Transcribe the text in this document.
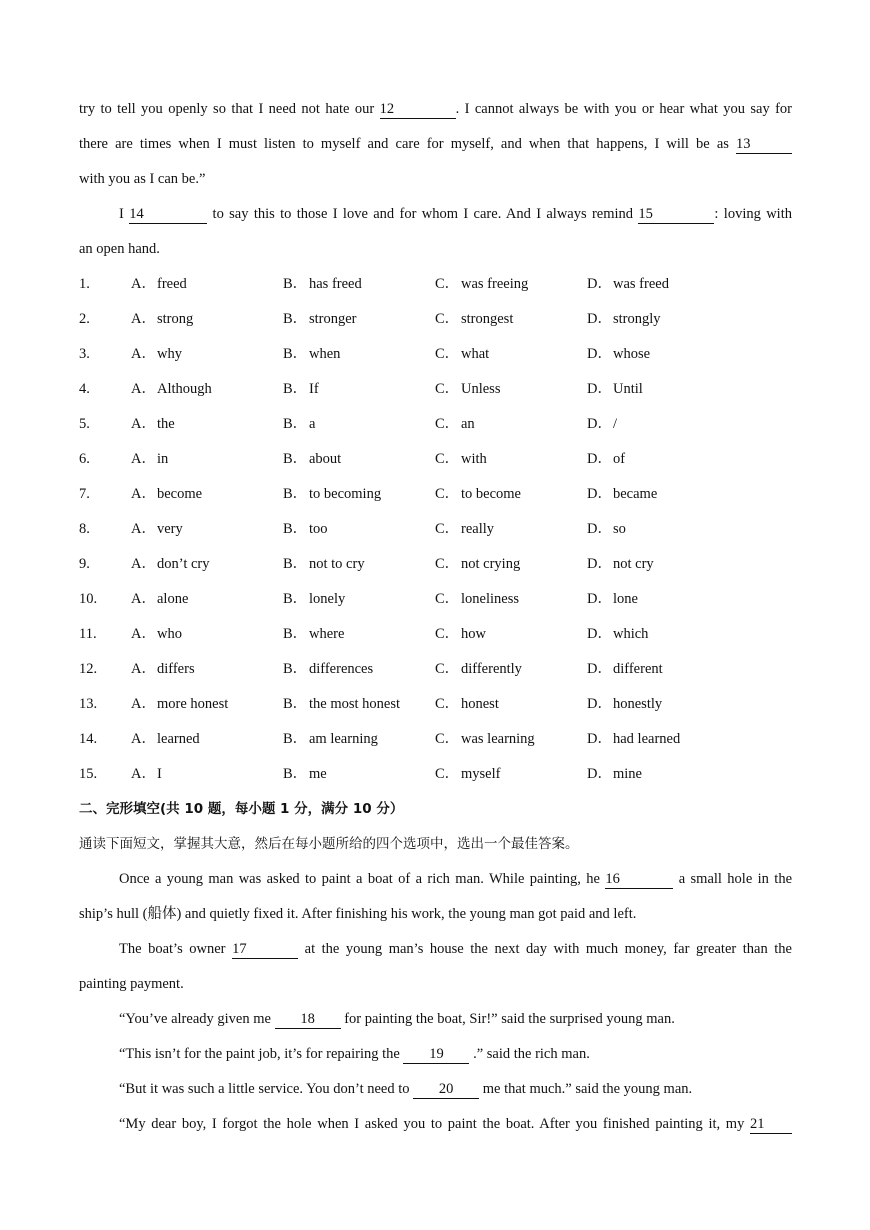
try to tell you openly so that I need not hate our 12	. I cannot always be with you or hear what you say for
there are times when I must listen to myself and care for myself, and when that happens, I will be as 13
with you as I can be.”
I 14	to say this to those I love and for whom I care. And I always remind 15	: loving with
an open hand.
1.	A．freed	B． has freed	C． was freeing	D．was freed
2.	A．strong	B． stronger	C． strongest	D．strongly
3.	A．why	B． when	C． what	D．whose
4.	A．Although	B． If	C． Unless	D．Until
5.	A．the	B． a	C． an	D．/
6.	A．in	B． about	C． with	D．of
7.	A．become	B． to becoming	C． to become	D．became
8.	A．very	B． too	C． really	D．so
9.	A．don’t cry	B． not to cry	C． not crying	D．not cry
10.	A．alone	B． lonely	C． loneliness	D．lone
11.	A．who	B． where	C． how	D．which
12.	A．differs	B． differences	C． differently	D．different
13.	A．more honest	B． the most honest	C． honest	D．honestly
14.	A．learned	B． am learning	C． was learning	D．had learned
15.	A．I	B． me	C． myself	D．mine
二、完形填空(共 10 题，每小题 1 分，满分 10 分）
通读下面短文，掌握其大意，然后在每小题所给的四个选项中，选出一个最佳答案。
Once a young man was asked to paint a boat of a rich man. While painting, he 16	a small hole in the
ship’s hull (船体) and quietly fixed it. After finishing his work, the young man got paid and left.
The boat’s owner 17	at the young man’s house the next day with much money, far greater than the
painting payment.
“You’ve already given me 18 for painting the boat, Sir!” said the surprised young man.
“This isn’t for the paint job, it’s for repairing the 19 .” said the rich man.
“But it was such a little service. You don’t need to 20 me that much.” said the young man.
“My dear boy, I forgot the hole when I asked you to paint the boat. After you finished painting it, my 21
